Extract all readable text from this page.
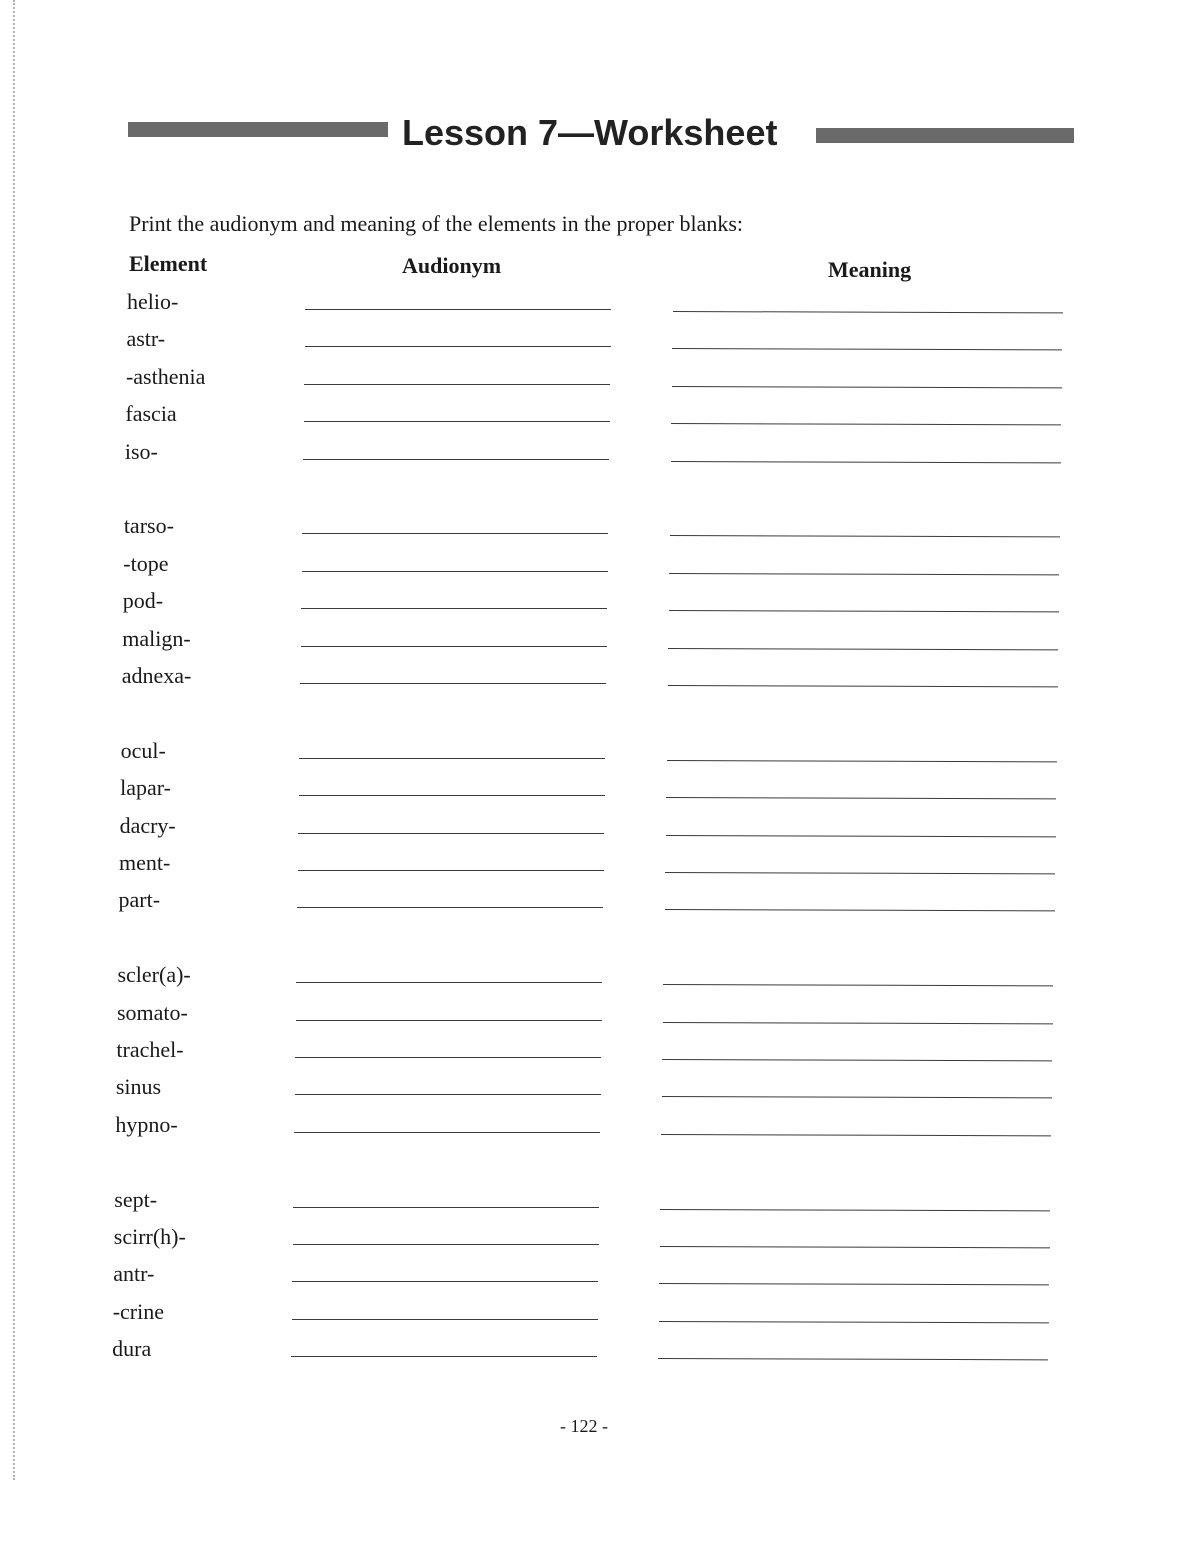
Lesson 7—Worksheet
Print the audionym and meaning of the elements in the proper blanks:
Element	Audionym	Meaning
helio-
astr-
-asthenia
fascia
iso-
tarso-
-tope
pod-
malign-
adnexa-
ocul-
lapar-
dacry-
ment-
part-
scler(a)-
somato-
trachel-
sinus
hypno-
sept-
scirr(h)-
antr-
-crine
dura
- 122 -
